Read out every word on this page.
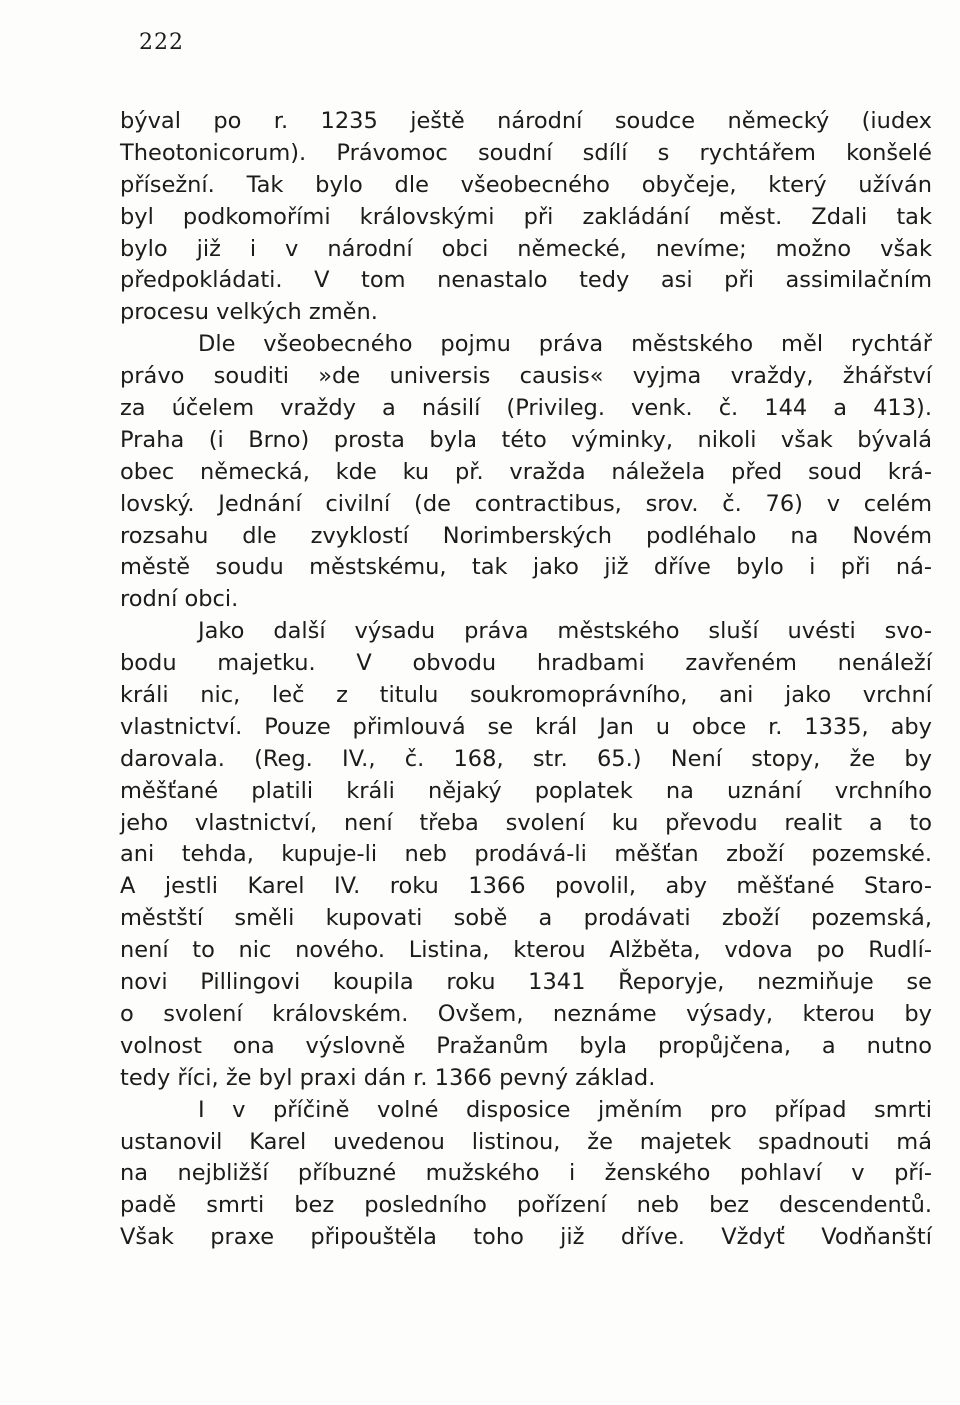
222
býval po r. 1235 ještě národní soudce německý (iudex
Theotonicorum). Právomoc soudní sdílí s rychtářem konšelé
přísežní. Tak bylo dle všeobecného obyčeje, který užíván
byl podkomořími královskými při zakládání měst. Zdali tak
bylo již i v národní obci německé, nevíme; možno však
předpokládati. V tom nenastalo tedy asi při assimilačním
procesu velkých změn.
Dle všeobecného pojmu práva městského měl rychtář
právo souditi »de universis causis« vyjma vraždy, žhářství
za účelem vraždy a násilí (Privileg. venk. č. 144 a 413).
Praha (i Brno) prosta byla této výminky, nikoli však bývalá
obec německá, kde ku př. vražda náležela před soud krá-
lovský. Jednání civilní (de contractibus, srov. č. 76) v celém
rozsahu dle zvyklostí Norimberských podléhalo na Novém
městě soudu městskému, tak jako již dříve bylo i při ná-
rodní obci.
Jako další výsadu práva městského sluší uvésti svo-
bodu majetku. V obvodu hradbami zavřeném nenáleží
králi nic, leč z titulu soukromoprávního, ani jako vrchní
vlastnictví. Pouze přimlouvá se král Jan u obce r. 1335, aby
darovala. (Reg. IV., č. 168, str. 65.) Není stopy, že by
měšťané platili králi nějaký poplatek na uznání vrchního
jeho vlastnictví, není třeba svolení ku převodu realit a to
ani tehda, kupuje-li neb prodává-li měšťan zboží pozemské.
A jestli Karel IV. roku 1366 povolil, aby měšťané Staro-
městští směli kupovati sobě a prodávati zboží pozemská,
není to nic nového. Listina, kterou Alžběta, vdova po Rudlí-
novi Pillingovi koupila roku 1341 Řeporyje, nezmiňuje se
o svolení královském. Ovšem, neznáme výsady, kterou by
volnost ona výslovně Pražanům byla propůjčena, a nutno
tedy říci, že byl praxi dán r. 1366 pevný základ.
I v příčině volné disposice jměním pro případ smrti
ustanovil Karel uvedenou listinou, že majetek spadnouti má
na nejbližší příbuzné mužského i ženského pohlaví v pří-
padě smrti bez posledního pořízení neb bez descendentů.
Však praxe připouštěla toho již dříve. Vždyť Vodňanští
